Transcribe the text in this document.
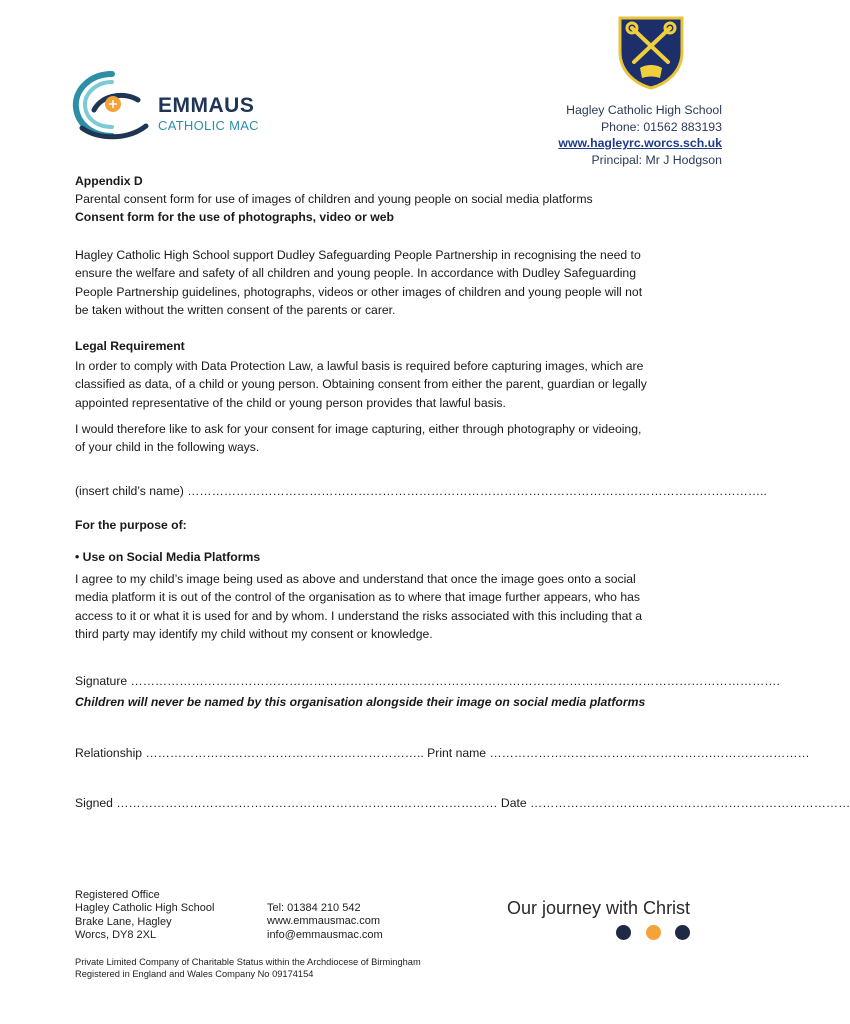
EMMAUS
CATHOLIC MAC
Hagley Catholic High School
Phone: 01562 883193
www.hagleyrc.worcs.sch.uk
Principal: Mr J Hodgson
Appendix D
Parental consent form for use of images of children and young people on social media platforms
Consent form for the use of photographs, video or web
Hagley Catholic High School support Dudley Safeguarding People Partnership in recognising the need to
ensure the welfare and safety of all children and young people. In accordance with Dudley Safeguarding
People Partnership guidelines, photographs, videos or other images of children and young people will not
be taken without the written consent of the parents or carer.
Legal Requirement
In order to comply with Data Protection Law, a lawful basis is required before capturing images, which are
classified as data, of a child or young person. Obtaining consent from either the parent, guardian or legally
appointed representative of the child or young person provides that lawful basis.
I would therefore like to ask for your consent for image capturing, either through photography or videoing,
of your child in the following ways.
(insert child’s name) ……………………………………………………………………………………………………………………………..
For the purpose of:
• Use on Social Media Platforms
I agree to my child’s image being used as above and understand that once the image goes onto a social
media platform it is out of the control of the organisation as to where that image further appears, who has
access to it or what it is used for and by whom. I understand the risks associated with this including that a
third party may identify my child without my consent or knowledge.
Signature …………………………………………………………………………………………………………………………………………….
Children will never be named by this organisation alongside their image on social media platforms
Relationship ………………………………………….……………….. Print name ……………………………………………….……………………
Signed …………………………………………………………….…………………… Date ……………………….……………………………………………
Registered Office
Hagley Catholic High School
Brake Lane, Hagley
Worcs, DY8 2XL
Tel: 01384 210 542
www.emmausmac.com
info@emmausmac.com
Our journey with Christ
Private Limited Company of Charitable Status within the Archdiocese of Birmingham
Registered in England and Wales Company No 09174154
